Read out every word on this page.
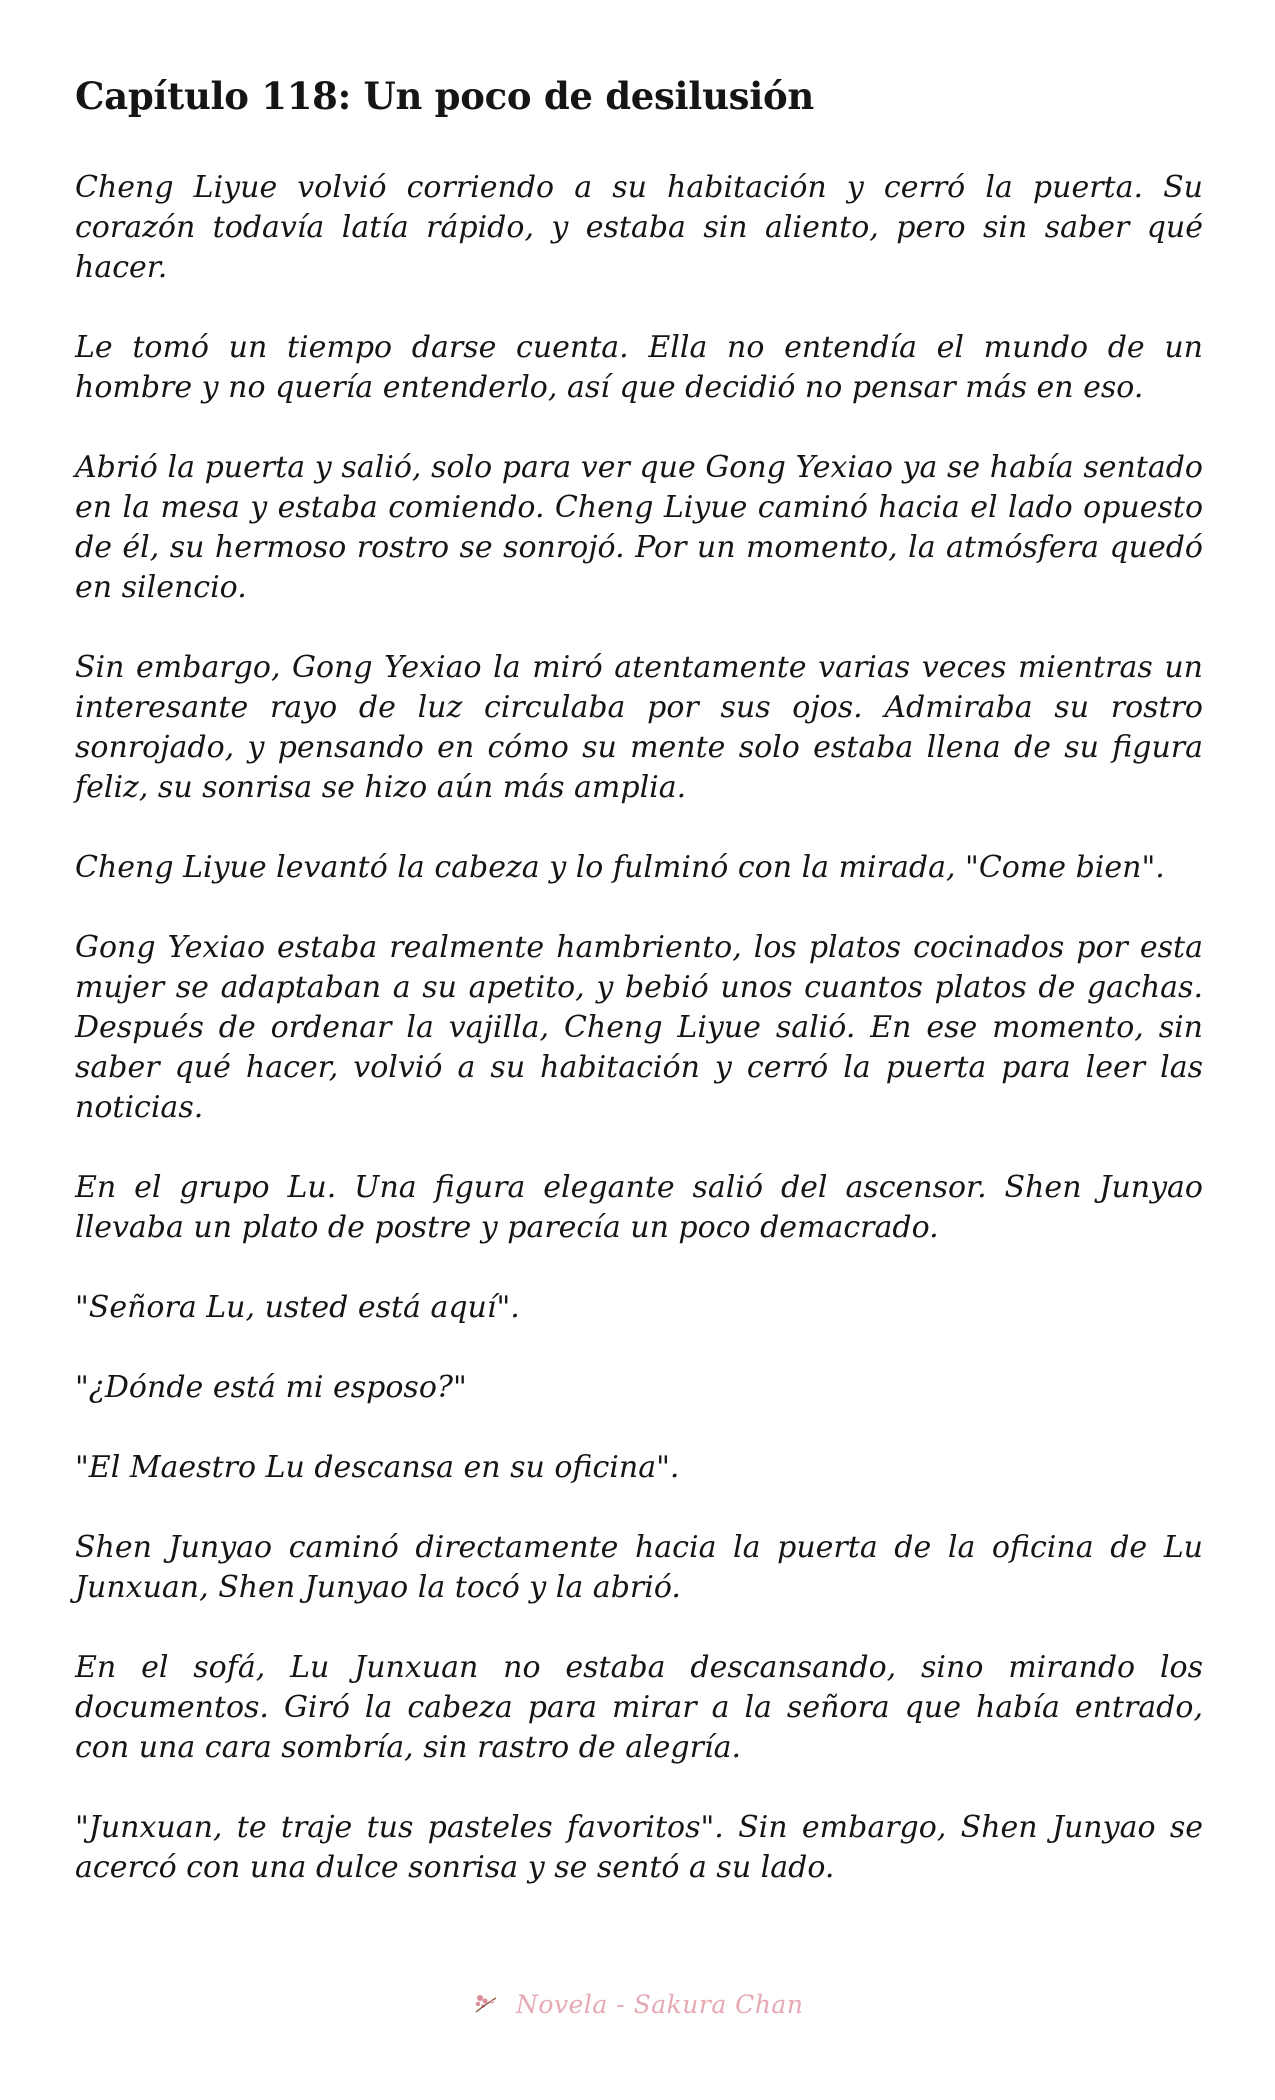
Capítulo 118: Un poco de desilusión

Cheng Liyue volvió corriendo a su habitación y cerró la puerta. Su corazón todavía latía rápido, y estaba sin aliento, pero sin saber qué hacer.

Le tomó un tiempo darse cuenta. Ella no entendía el mundo de un hombre y no quería entenderlo, así que decidió no pensar más en eso.

Abrió la puerta y salió, solo para ver que Gong Yexiao ya se había sentado en la mesa y estaba comiendo. Cheng Liyue caminó hacia el lado opuesto de él, su hermoso rostro se sonrojó. Por un momento, la atmósfera quedó en silencio.

Sin embargo, Gong Yexiao la miró atentamente varias veces mientras un interesante rayo de luz circulaba por sus ojos. Admiraba su rostro sonrojado, y pensando en cómo su mente solo estaba llena de su figura feliz, su sonrisa se hizo aún más amplia.

Cheng Liyue levantó la cabeza y lo fulminó con la mirada, "Come bien".

Gong Yexiao estaba realmente hambriento, los platos cocinados por esta mujer se adaptaban a su apetito, y bebió unos cuantos platos de gachas. Después de ordenar la vajilla, Cheng Liyue salió. En ese momento, sin saber qué hacer, volvió a su habitación y cerró la puerta para leer las noticias.

En el grupo Lu. Una figura elegante salió del ascensor. Shen Junyao llevaba un plato de postre y parecía un poco demacrado.

"Señora Lu, usted está aquí".

"¿Dónde está mi esposo?"

"El Maestro Lu descansa en su oficina".

Shen Junyao caminó directamente hacia la puerta de la oficina de Lu Junxuan, Shen Junyao la tocó y la abrió.

En el sofá, Lu Junxuan no estaba descansando, sino mirando los documentos. Giró la cabeza para mirar a la señora que había entrado, con una cara sombría, sin rastro de alegría.

"Junxuan, te traje tus pasteles favoritos". Sin embargo, Shen Junyao se acercó con una dulce sonrisa y se sentó a su lado.

Novela - Sakura Chan
